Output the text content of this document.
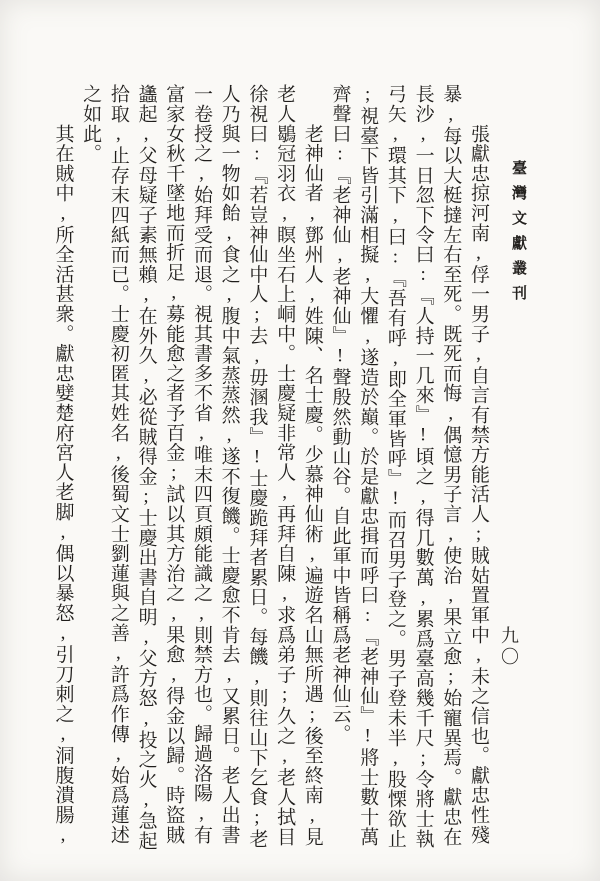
臺灣文獻叢刊
九〇
　　張獻忠掠河南,俘一男子,自言有禁方能活人;賊姑置軍中,未之信也。獻忠性殘
暴,每以大梃撻左右至死。既死而悔,偶憶男子言,使治,果立愈;始寵異焉。獻忠在
長沙,一日忽下令曰:『人持一几來』!頃之,得几數萬,累爲臺高幾千尺;令將士執
弓矢,環其下,曰:『吾有呼,即全軍皆呼』!而召男子登之。男子登未半,股慄欲止
;視臺下皆引滿相擬,大懼,遂造於巔。於是獻忠揖而呼曰:『老神仙』!將士數十萬
齊聲曰:『老神仙,老神仙』!聲殷然動山谷。自此軍中皆稱爲老神仙云。
　　老神仙者,鄧州人,姓陳、名士慶。少慕神仙術,遍遊名山無所遇;後至終南,見
老人鶡冠羽衣,瞑坐石上峒中。士慶疑非常人,再拜自陳,求爲弟子;久之,老人拭目
徐視曰:『若豈神仙中人;去,毋溷我』!士慶跪拜者累日。每饑,則往山下乞食;老
人乃與一物如飴,食之,腹中氣蒸蒸然,遂不復饑。士慶愈不肯去,又累日。老人出書
一卷授之,始拜受而退。視其書多不省,唯末四頁頗能識之,則禁方也。歸過洛陽,有
富家女秋千墜地而折足,募能愈之者予百金;試以其方治之,果愈,得金以歸。時盜賊
蠭起,父母疑子素無賴,在外久,必從賊得金;士慶出書自明,父方怒,投之火,急起
拾取,止存末四紙而已。士慶初匿其姓名,後蜀文士劉蓮與之善,許爲作傳,始爲蓮述
之如此。
　　其在賊中,所全活甚衆。獻忠嬖楚府宮人老脚,偶以暴怒,引刀刺之,洞腹潰腸,
